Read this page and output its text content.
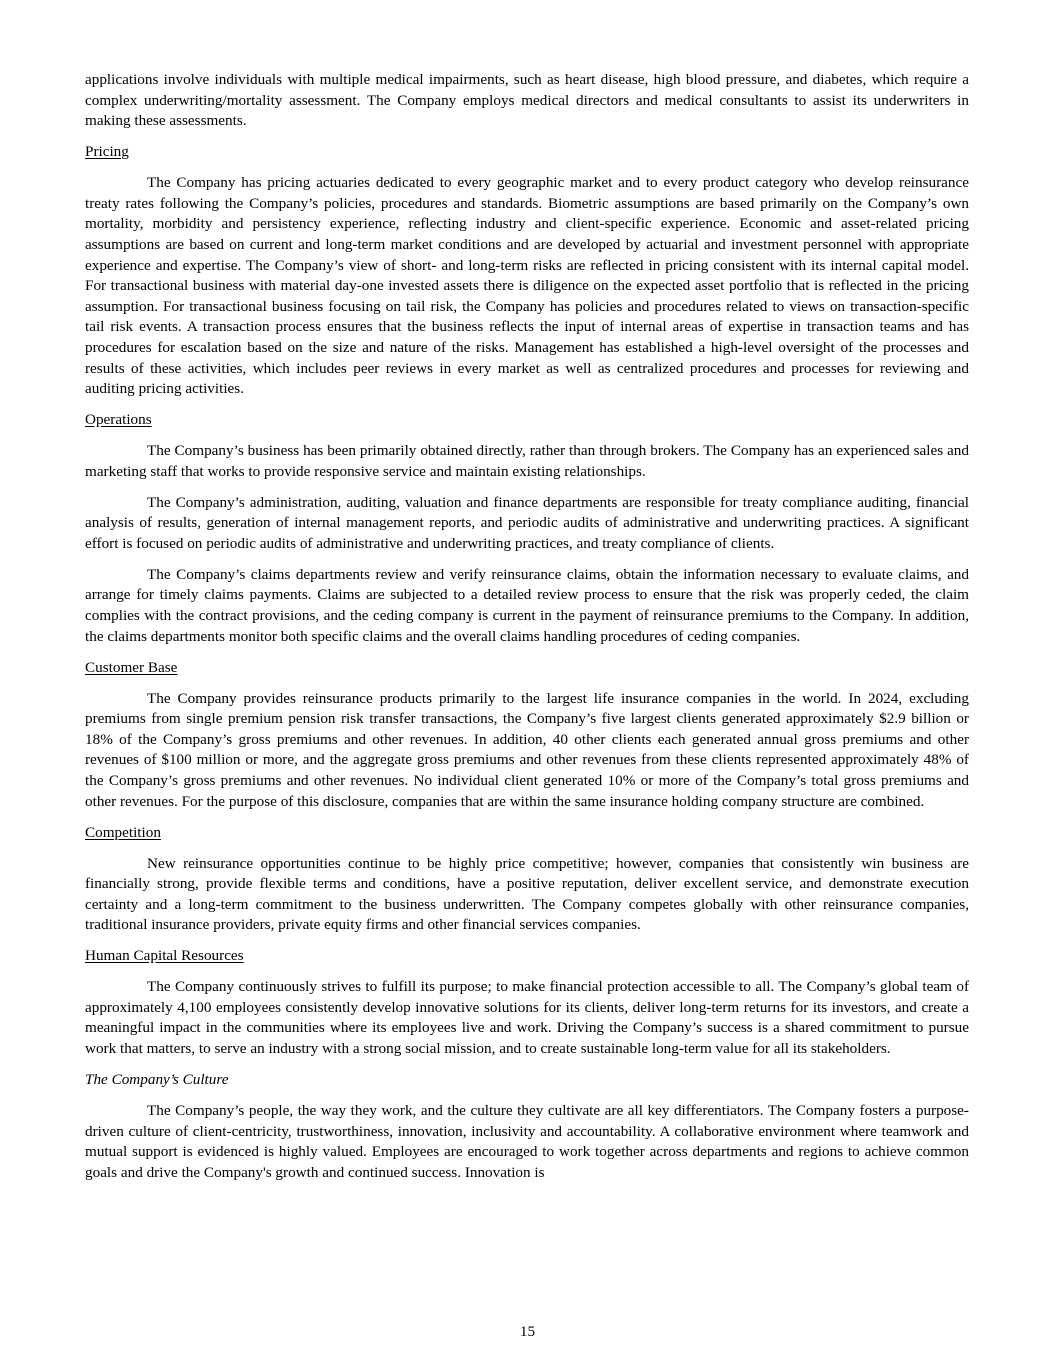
applications involve individuals with multiple medical impairments, such as heart disease, high blood pressure, and diabetes, which require a complex underwriting/mortality assessment. The Company employs medical directors and medical consultants to assist its underwriters in making these assessments.

Pricing

The Company has pricing actuaries dedicated to every geographic market and to every product category who develop reinsurance treaty rates following the Company’s policies, procedures and standards. Biometric assumptions are based primarily on the Company’s own mortality, morbidity and persistency experience, reflecting industry and client-specific experience. Economic and asset-related pricing assumptions are based on current and long-term market conditions and are developed by actuarial and investment personnel with appropriate experience and expertise. The Company’s view of short- and long-term risks are reflected in pricing consistent with its internal capital model. For transactional business with material day-one invested assets there is diligence on the expected asset portfolio that is reflected in the pricing assumption. For transactional business focusing on tail risk, the Company has policies and procedures related to views on transaction-specific tail risk events. A transaction process ensures that the business reflects the input of internal areas of expertise in transaction teams and has procedures for escalation based on the size and nature of the risks. Management has established a high-level oversight of the processes and results of these activities, which includes peer reviews in every market as well as centralized procedures and processes for reviewing and auditing pricing activities.

Operations

The Company’s business has been primarily obtained directly, rather than through brokers. The Company has an experienced sales and marketing staff that works to provide responsive service and maintain existing relationships.

The Company’s administration, auditing, valuation and finance departments are responsible for treaty compliance auditing, financial analysis of results, generation of internal management reports, and periodic audits of administrative and underwriting practices. A significant effort is focused on periodic audits of administrative and underwriting practices, and treaty compliance of clients.

The Company’s claims departments review and verify reinsurance claims, obtain the information necessary to evaluate claims, and arrange for timely claims payments. Claims are subjected to a detailed review process to ensure that the risk was properly ceded, the claim complies with the contract provisions, and the ceding company is current in the payment of reinsurance premiums to the Company. In addition, the claims departments monitor both specific claims and the overall claims handling procedures of ceding companies.

Customer Base

The Company provides reinsurance products primarily to the largest life insurance companies in the world. In 2024, excluding premiums from single premium pension risk transfer transactions, the Company’s five largest clients generated approximately $2.9 billion or 18% of the Company’s gross premiums and other revenues. In addition, 40 other clients each generated annual gross premiums and other revenues of $100 million or more, and the aggregate gross premiums and other revenues from these clients represented approximately 48% of the Company’s gross premiums and other revenues. No individual client generated 10% or more of the Company’s total gross premiums and other revenues. For the purpose of this disclosure, companies that are within the same insurance holding company structure are combined.

Competition

New reinsurance opportunities continue to be highly price competitive; however, companies that consistently win business are financially strong, provide flexible terms and conditions, have a positive reputation, deliver excellent service, and demonstrate execution certainty and a long-term commitment to the business underwritten. The Company competes globally with other reinsurance companies, traditional insurance providers, private equity firms and other financial services companies.

Human Capital Resources

The Company continuously strives to fulfill its purpose; to make financial protection accessible to all. The Company’s global team of approximately 4,100 employees consistently develop innovative solutions for its clients, deliver long-term returns for its investors, and create a meaningful impact in the communities where its employees live and work. Driving the Company’s success is a shared commitment to pursue work that matters, to serve an industry with a strong social mission, and to create sustainable long-term value for all its stakeholders.

The Company’s Culture

The Company’s people, the way they work, and the culture they cultivate are all key differentiators. The Company fosters a purpose-driven culture of client-centricity, trustworthiness, innovation, inclusivity and accountability. A collaborative environment where teamwork and mutual support is evidenced is highly valued. Employees are encouraged to work together across departments and regions to achieve common goals and drive the Company's growth and continued success. Innovation is

15
